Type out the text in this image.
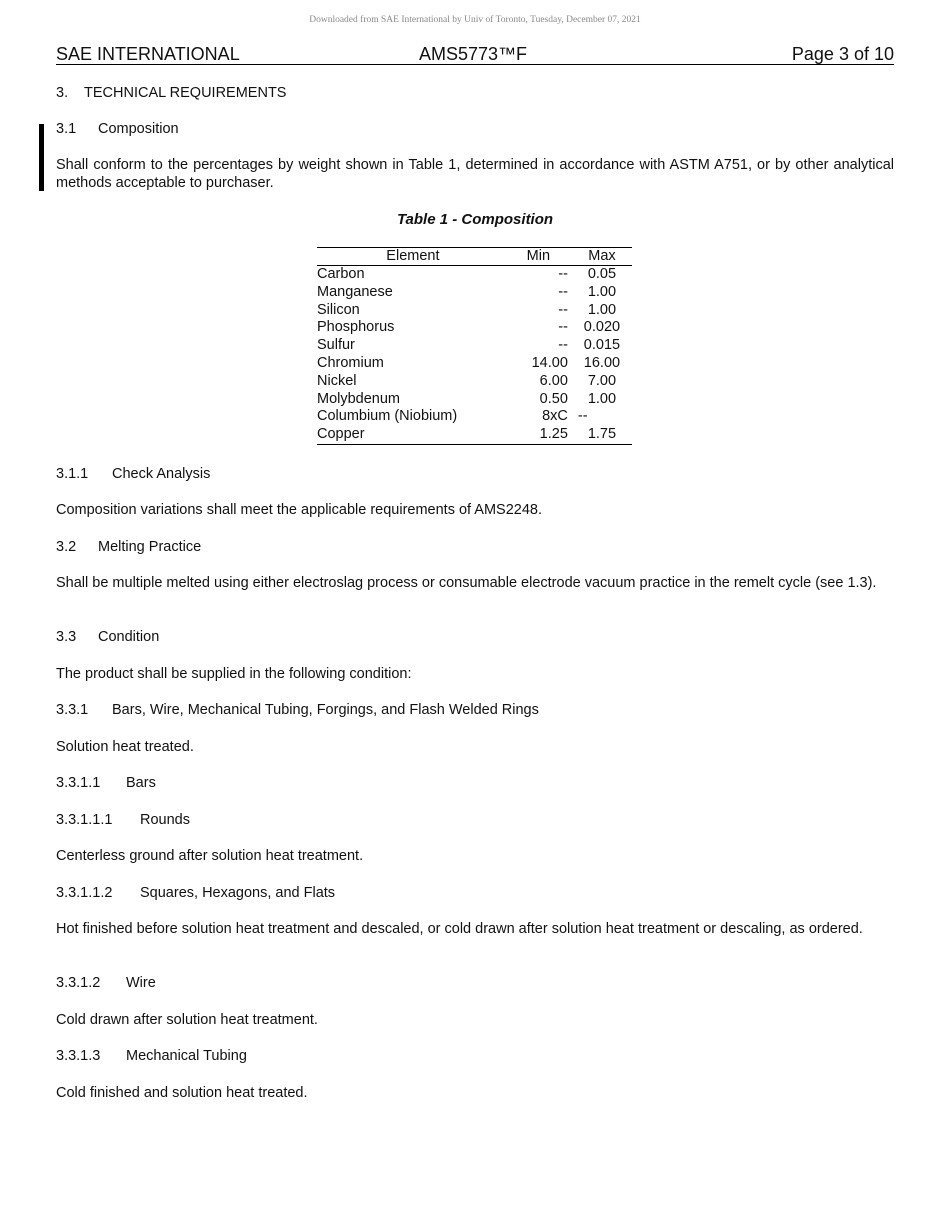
Downloaded from SAE International by Univ of Toronto, Tuesday, December 07, 2021
SAE INTERNATIONAL	AMS5773™F	Page 3 of 10
3. TECHNICAL REQUIREMENTS
3.1 Composition
Shall conform to the percentages by weight shown in Table 1, determined in accordance with ASTM A751, or by other analytical methods acceptable to purchaser.
Table 1 - Composition
Element	Min	Max
Carbon	--	0.05
Manganese	--	1.00
Silicon	--	1.00
Phosphorus	--	0.020
Sulfur	--	0.015
Chromium	14.00	16.00
Nickel	6.00	7.00
Molybdenum	0.50	1.00
Columbium (Niobium)	8xC	--
Copper	1.25	1.75
3.1.1 Check Analysis
Composition variations shall meet the applicable requirements of AMS2248.
3.2 Melting Practice
Shall be multiple melted using either electroslag process or consumable electrode vacuum practice in the remelt cycle (see 1.3).
3.3 Condition
The product shall be supplied in the following condition:
3.3.1 Bars, Wire, Mechanical Tubing, Forgings, and Flash Welded Rings
Solution heat treated.
3.3.1.1 Bars
3.3.1.1.1 Rounds
Centerless ground after solution heat treatment.
3.3.1.1.2 Squares, Hexagons, and Flats
Hot finished before solution heat treatment and descaled, or cold drawn after solution heat treatment or descaling, as ordered.
3.3.1.2 Wire
Cold drawn after solution heat treatment.
3.3.1.3 Mechanical Tubing
Cold finished and solution heat treated.
